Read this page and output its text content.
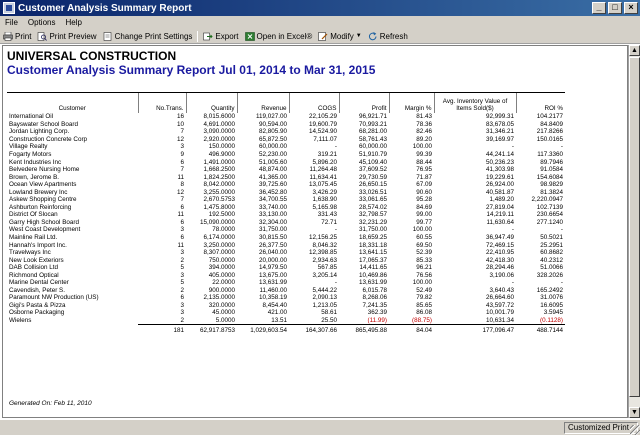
Customer Analysis Summary Report	_	□	×
File	Options	Help
Print Print Preview Change Print Settings	Export Open in Excel® Modify ▼ Refresh
UNIVERSAL CONSTRUCTION
Customer Analysis Summary Report Jul 01, 2014 to Mar 31, 2015
Customer	No.Trans.	Quantity	Revenue	COGS	Profit	Margin %	Avg. Inventory Value of Items Sold($)	ROI %
International Oil	16	8,015.6000	119,027.00	22,105.29	96,921.71	81.43	92,999.31	104.2177
Bayswater School Board	10	4,691.0000	90,594.00	19,600.79	70,993.21	78.36	83,678.05	84.8409
Jordan Lighting Corp.	7	3,090.0000	82,805.90	14,524.90	68,281.00	82.46	31,346.21	217.8266
Construction Concrete Corp	12	2,920.0000	65,872.50	7,111.07	58,761.43	89.20	39,169.97	150.0165
Village Realty	3	150.0000	60,000.00	-	60,000.00	100.00	-	-
Fogarty Motors	9	496.9000	52,230.00	319.21	51,910.79	99.39	44,241.14	117.3360
Kent Industries Inc	6	1,491.0000	51,005.60	5,896.20	45,109.40	88.44	50,236.23	89.7946
Belvedere Nursing Home	7	1,668.2500	48,874.00	11,264.48	37,609.52	76.95	41,303.98	91.0584
Brown, Jerome B.	11	1,824.2500	41,365.00	11,634.41	29,730.59	71.87	19,229.61	154.6084
Ocean View Apartments	8	8,042.0000	39,725.60	13,075.45	26,650.15	67.09	26,924.00	98.9829
Lowland Brewery Inc	12	3,255.0000	36,452.80	3,426.29	33,026.51	90.60	40,581.87	81.3824
Askew Shopping Centre	7	2,670.5753	34,700.55	1,638.90	33,061.65	95.28	1,489.20	2,220.0947
Ashburton Reinforcing	6	1,475.8000	33,740.00	5,165.98	28,574.02	84.69	27,819.04	102.7139
District Of Slocan	11	192.5000	33,130.00	331.43	32,798.57	99.00	14,219.11	230.6654
Garry High School Board	6	15,090.0000	32,304.00	72.71	32,231.29	99.77	11,630.64	277.1240
West Coast Development	3	78.0000	31,750.00	-	31,750.00	100.00	-	-
Mainline Rail Ltd.	6	6,174.0000	30,815.50	12,156.25	18,659.25	60.55	36,947.49	50.5021
Hannah's Import Inc.	11	3,250.0000	26,377.50	8,046.32	18,331.18	69.50	72,469.15	25.2951
Travelways Inc	3	8,307.0000	26,040.00	12,398.85	13,641.15	52.39	22,410.95	60.8682
New Look Exteriors	2	750.0000	20,000.00	2,934.63	17,065.37	85.33	42,418.30	40.2312
DAB Collision Ltd	5	394.0000	14,979.50	567.85	14,411.65	96.21	28,294.46	51.0066
Richmond Optical	3	405.0000	13,675.00	3,205.14	10,469.86	76.56	3,190.06	328.2026
Marine Dental Center	5	22.0000	13,631.99	-	13,631.99	100.00	-	-
Cavendish, Peter S.	2	900.0000	11,460.00	5,444.22	6,015.78	52.49	3,640.43	165.2492
Paramount NW Production (US)	6	2,135.0000	10,358.19	2,090.13	8,268.06	79.82	26,664.60	31.0076
Gigi's Pasta & Pizza	3	320.0000	8,454.40	1,213.05	7,241.35	85.65	43,597.72	16.6095
Osborne Packaging	3	45.0000	421.00	58.61	362.39	86.08	10,001.79	3.5945
Wielens	2	5.0000	13.51	25.50	(11.99)	(88.75)	10,631.34	(0.1128)
	181	62,917.8753	1,029,603.54	164,307.66	865,495.88	84.04	177,096.47	488.7144
Generated On: Feb 11, 2010
▲
▼
Customized Print
